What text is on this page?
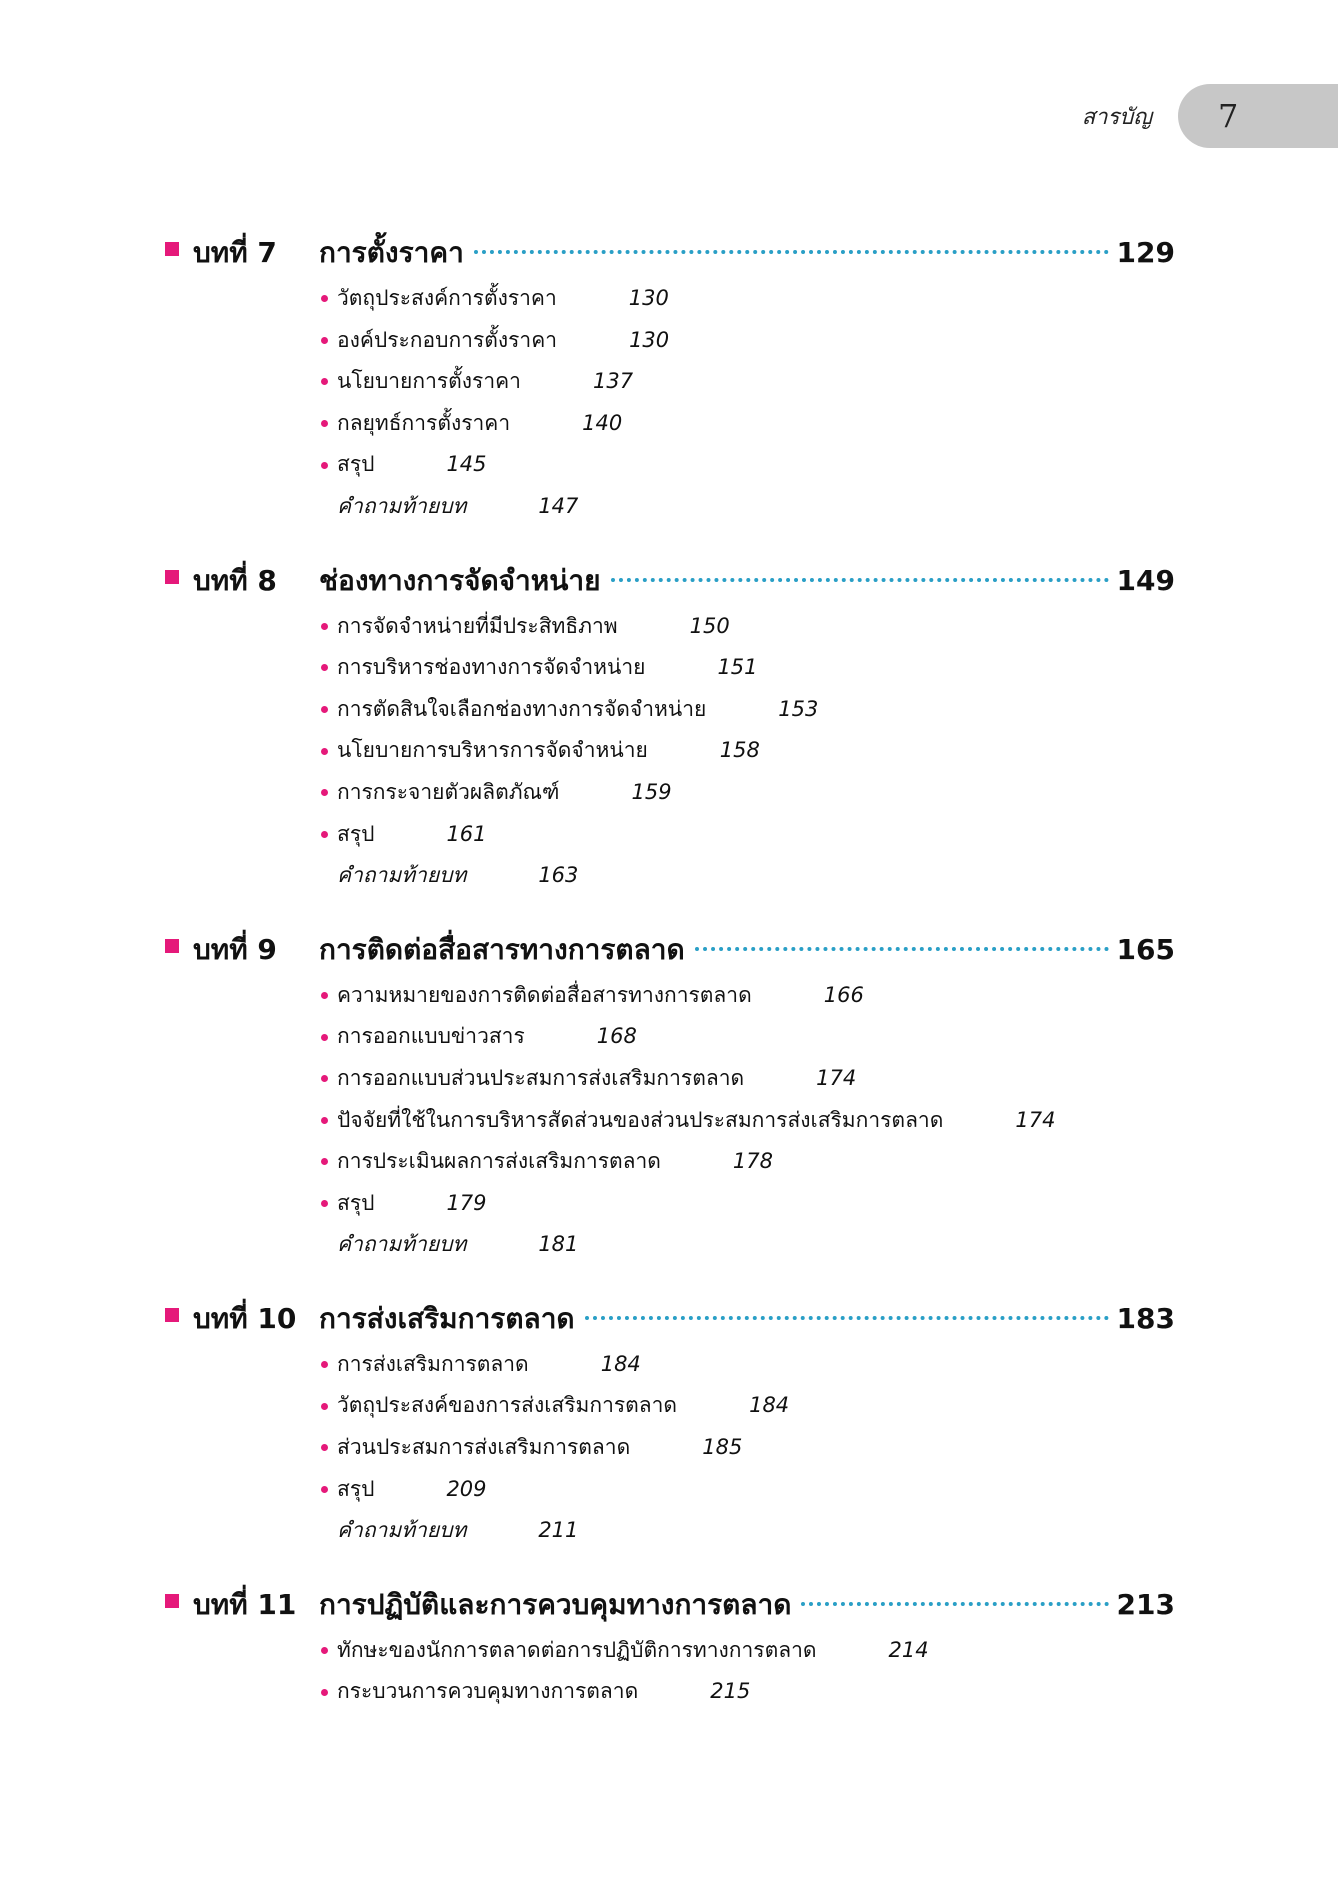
สารบัญ 7
บทที่ 7	การตั้งราคา	129
วัตถุประสงค์การตั้งราคา	130
องค์ประกอบการตั้งราคา	130
นโยบายการตั้งราคา	137
กลยุทธ์การตั้งราคา	140
สรุป	145
คำถามท้ายบท	147
บทที่ 8	ช่องทางการจัดจำหน่าย	149
การจัดจำหน่ายที่มีประสิทธิภาพ	150
การบริหารช่องทางการจัดจำหน่าย	151
การตัดสินใจเลือกช่องทางการจัดจำหน่าย	153
นโยบายการบริหารการจัดจำหน่าย	158
การกระจายตัวผลิตภัณฑ์	159
สรุป	161
คำถามท้ายบท	163
บทที่ 9	การติดต่อสื่อสารทางการตลาด	165
ความหมายของการติดต่อสื่อสารทางการตลาด	166
การออกแบบข่าวสาร	168
การออกแบบส่วนประสมการส่งเสริมการตลาด	174
ปัจจัยที่ใช้ในการบริหารสัดส่วนของส่วนประสมการส่งเสริมการตลาด	174
การประเมินผลการส่งเสริมการตลาด	178
สรุป	179
คำถามท้ายบท	181
บทที่ 10 การส่งเสริมการตลาด	183
การส่งเสริมการตลาด	184
วัตถุประสงค์ของการส่งเสริมการตลาด	184
ส่วนประสมการส่งเสริมการตลาด	185
สรุป	209
คำถามท้ายบท	211
บทที่ 11 การปฏิบัติและการควบคุมทางการตลาด	213
ทักษะของนักการตลาดต่อการปฏิบัติการทางการตลาด	214
กระบวนการควบคุมทางการตลาด	215
